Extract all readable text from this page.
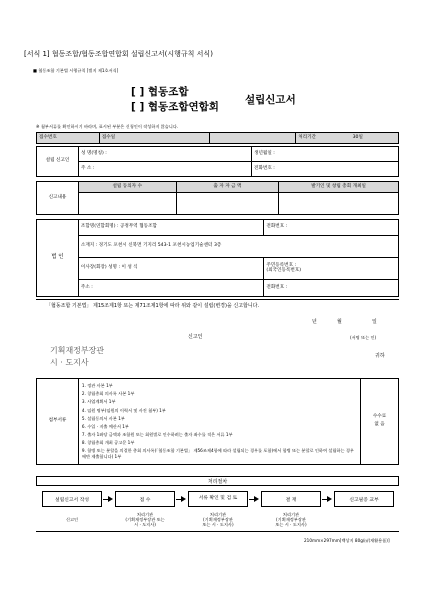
[서식 1] 협동조합/협동조합연합회 설립신고서(시행규칙 서식)
■ 협동조합 기본법 시행규칙 [별지 제1호서식]
[ ] 협동조합
[ ] 협동조합연합회
설립신고서
※ 첨부서류를 확인하시기 바라며, 표시된 부분은 신청인이 작성하지 않습니다.
접수번호	접수일		처리기간	30일
설립 신고인	성 명(명칭) :	생년월일 :
	주 소 :	전화번호 :
신고내용	설립 동의자 수	출 자 자 금 액	발기인 및 창립 총회 개최일

법 인	조합명(연합회명) : 공정무역 협동조합	전화번호 :
	소재지 : 경기도 포천시 신북면 기지리 543-1 포천시농업기술센터 3층	
	이사장(회장) 성명 : 이 성 식	주민등록번호 :
(외국인등록번호)

	주소 :	전화번호 :
「협동조합 기본법」 제15조제1항 또는 제71조제1항에 따라 위와 같이 설립(변경)을 신고합니다.
년	월	일
신고인	(서명 또는 인)
기획재정부장관
시 · 도지사
귀하
첨부서류	
1. 정관 사본 1부
2. 창립총회 의사록 사본 1부
3. 사업계획서 1부
4. 임원 명부(임원의 이력서 및 사진 첨부) 1부
5. 설립동의서 사본 1부
6. 수입 · 지출 예산서 1부
7. 출자 1좌당 금액과 조합원 또는 회원별로 인수하려는 출자 좌수를 적은 서류 1부
8. 창립총회 개최 공고문 1부
9. 합병 또는 분할을 의결한 총회 의사록(「협동조합 기본법」 제56조제4항에 따라 설립되는 경우를 포함)에서 합병 또는 분할로 인하여 설립하는 경우에만 제출합니다) 1부

수수료
없 음
처리절차
설립신고서 작성	접 수	서류 확인 및 검 토	결 재	신고필증 교부
신고인
처리기관
(기획재정부장관 또는
시 · 도지사)
처리기관
(기획재정부장관
또는 시 · 도지사)
처리기관
(기획재정부장관
또는 시 · 도지사)
210mm×297mm[백상지 80g/㎡(재활용품)]
